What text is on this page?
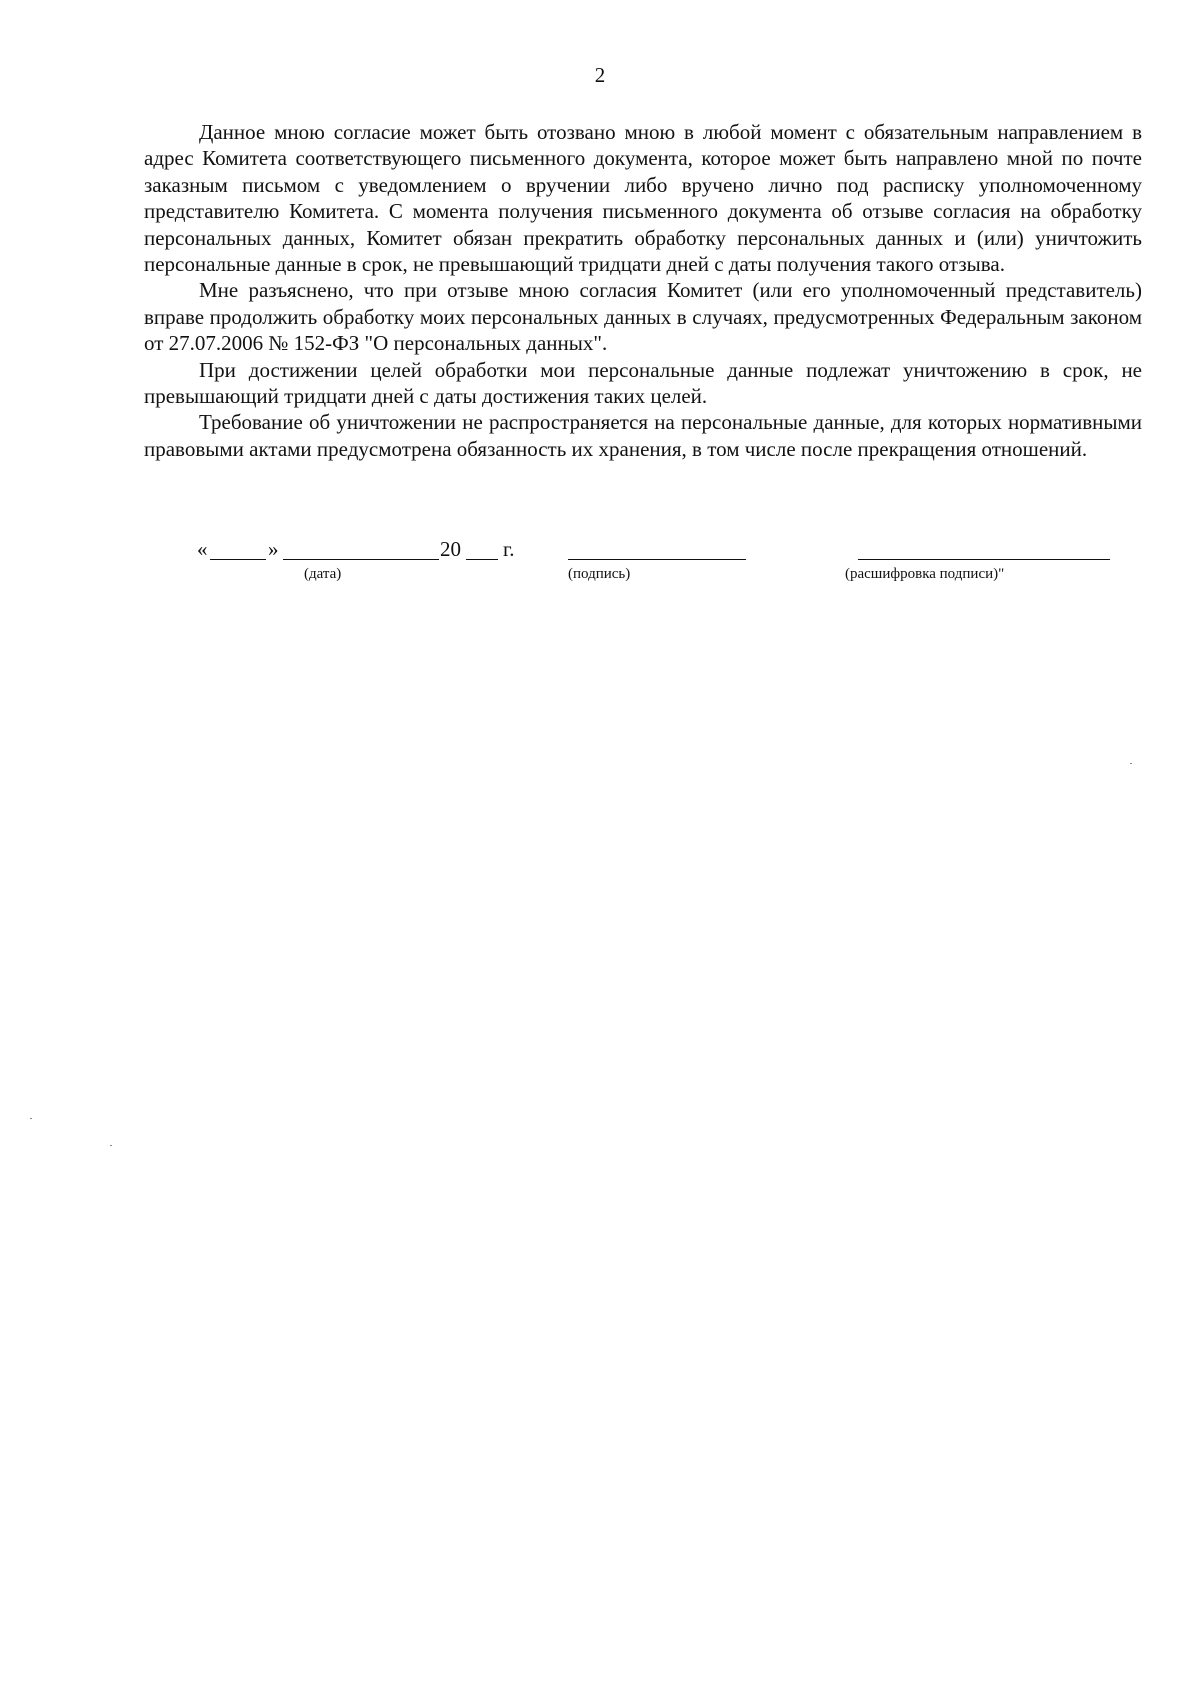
2

Данное мною согласие может быть отозвано мною в любой момент с обязательным направлением в адрес Комитета соответствующего письменного документа, которое может быть направлено мной по почте заказным письмом с уведомлением о вручении либо вручено лично под расписку уполномоченному представителю Комитета. С момента получения письменного документа об отзыве согласия на обработку персональных данных, Комитет обязан прекратить обработку персональных данных и (или) уничтожить персональные данные в срок, не превышающий тридцати дней с даты получения такого отзыва.

Мне разъяснено, что при отзыве мною согласия Комитет (или его уполномоченный представитель) вправе продолжить обработку моих персональных данных в случаях, предусмотренных Федеральным законом от 27.07.2006 № 152-ФЗ "О персональных данных".

При достижении целей обработки мои персональные данные подлежат уничтожению в срок, не превышающий тридцати дней с даты достижения таких целей.

Требование об уничтожении не распространяется на персональные данные, для которых нормативными правовыми актами предусмотрена обязанность их хранения, в том числе после прекращения отношений.

«	»	20 г.
(дата)	(подпись)	(расшифровка подписи)"
